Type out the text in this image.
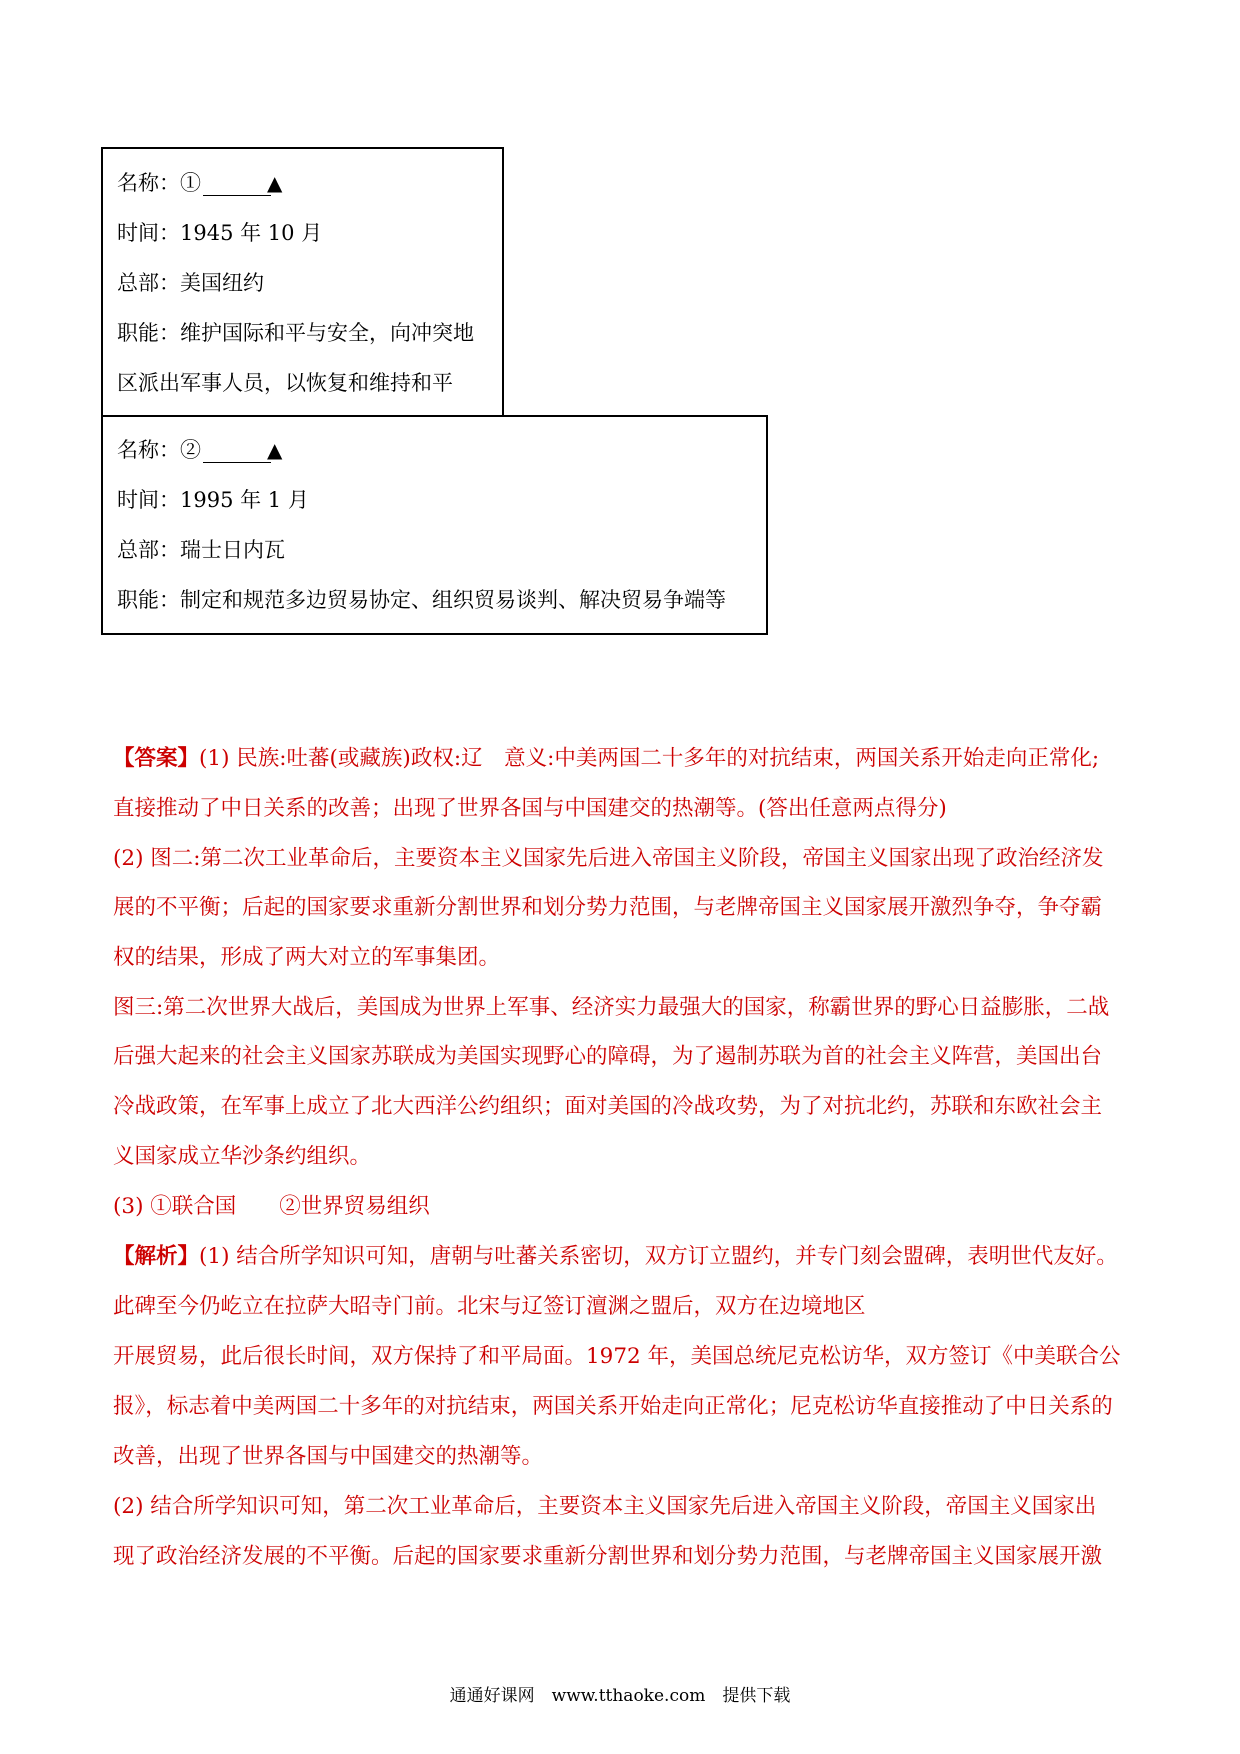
名称：①	▲
时间：1945 年 10 月
总部：美国纽约
职能：维护国际和平与安全，向冲突地
区派出军事人员，以恢复和维持和平
名称：②	▲
时间：1995 年 1 月
总部：瑞士日内瓦
职能：制定和规范多边贸易协定、组织贸易谈判、解决贸易争端等
【答案】(1) 民族:吐蕃(或藏族)政权:辽　意义:中美两国二十多年的对抗结束，两国关系开始走向正常化;
直接推动了中日关系的改善；出现了世界各国与中国建交的热潮等。(答出任意两点得分)
(2) 图二:第二次工业革命后，主要资本主义国家先后进入帝国主义阶段，帝国主义国家出现了政治经济发
展的不平衡；后起的国家要求重新分割世界和划分势力范围，与老牌帝国主义国家展开激烈争夺，争夺霸
权的结果，形成了两大对立的军事集团。
图三:第二次世界大战后，美国成为世界上军事、经济实力最强大的国家，称霸世界的野心日益膨胀，二战
后强大起来的社会主义国家苏联成为美国实现野心的障碍，为了遏制苏联为首的社会主义阵营，美国出台
冷战政策，在军事上成立了北大西洋公约组织；面对美国的冷战攻势，为了对抗北约，苏联和东欧社会主
义国家成立华沙条约组织。
(3) ①联合国　　②世界贸易组织
【解析】(1) 结合所学知识可知，唐朝与吐蕃关系密切，双方订立盟约，并专门刻会盟碑，表明世代友好。
此碑至今仍屹立在拉萨大昭寺门前。北宋与辽签订澶渊之盟后，双方在边境地区
开展贸易，此后很长时间，双方保持了和平局面。1972 年，美国总统尼克松访华，双方签订《中美联合公
报》，标志着中美两国二十多年的对抗结束，两国关系开始走向正常化；尼克松访华直接推动了中日关系的
改善，出现了世界各国与中国建交的热潮等。
(2) 结合所学知识可知，第二次工业革命后，主要资本主义国家先后进入帝国主义阶段，帝国主义国家出
现了政治经济发展的不平衡。后起的国家要求重新分割世界和划分势力范围，与老牌帝国主义国家展开激
通通好课网　www.tthaoke.com　提供下载
